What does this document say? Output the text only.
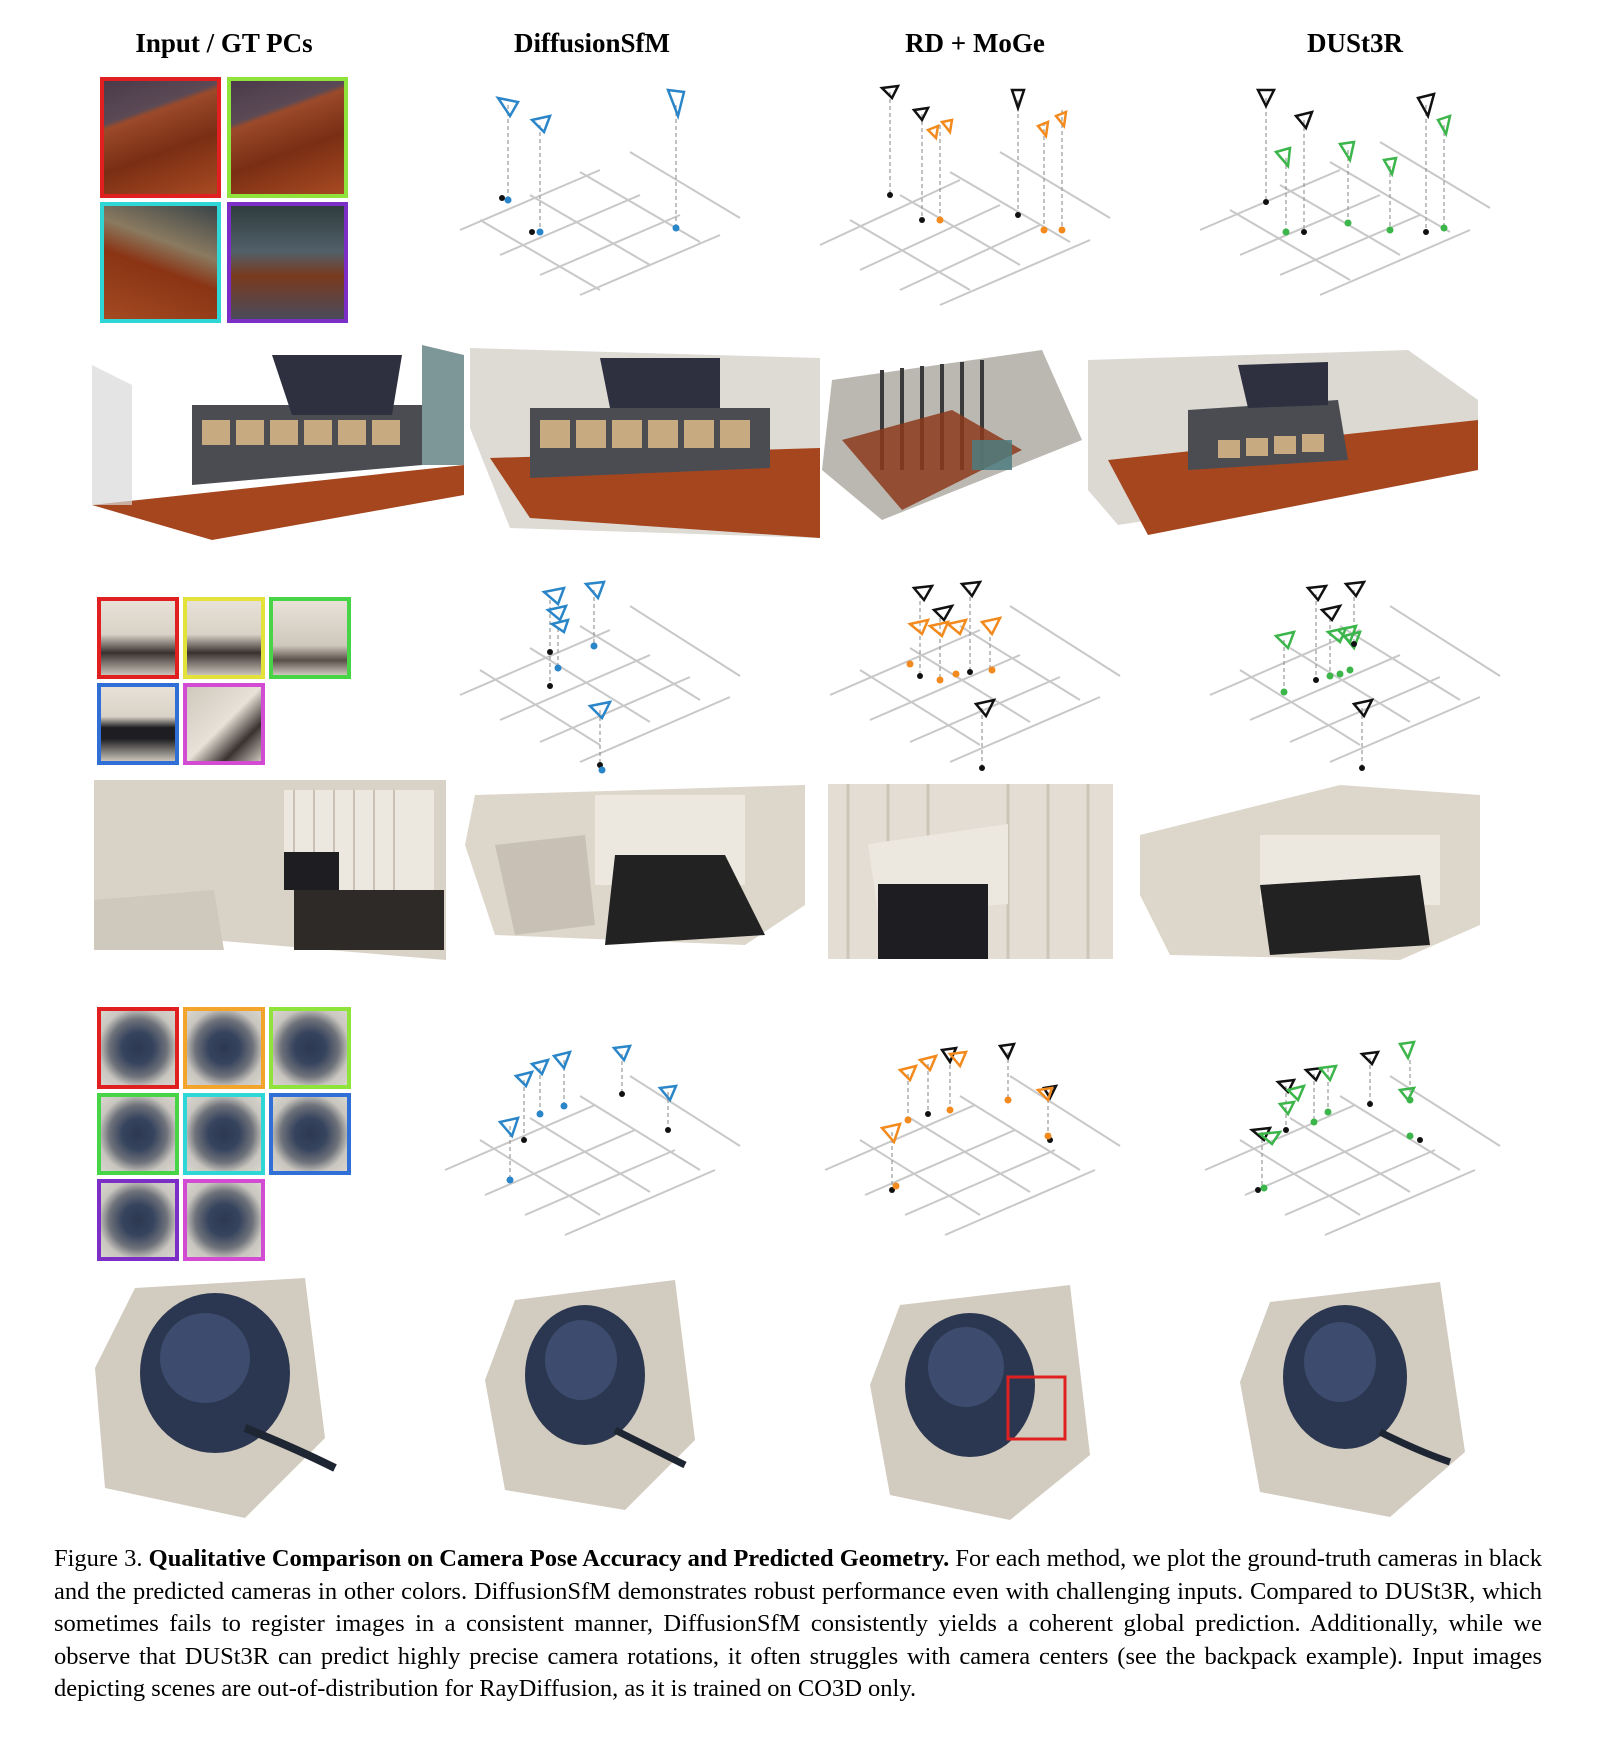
Input / GT PCs	DiffusionSfM	RD + MoGe	DUSt3R
Figure 3. Qualitative Comparison on Camera Pose Accuracy and Predicted Geometry. For each method, we plot the ground-truth cameras in black and the predicted cameras in other colors. DiffusionSfM demonstrates robust performance even with challenging inputs. Compared to DUSt3R, which sometimes fails to register images in a consistent manner, DiffusionSfM consistently yields a coherent global prediction. Additionally, while we observe that DUSt3R can predict highly precise camera rotations, it often struggles with camera centers (see the backpack example). Input images depicting scenes are out-of-distribution for RayDiffusion, as it is trained on CO3D only.
